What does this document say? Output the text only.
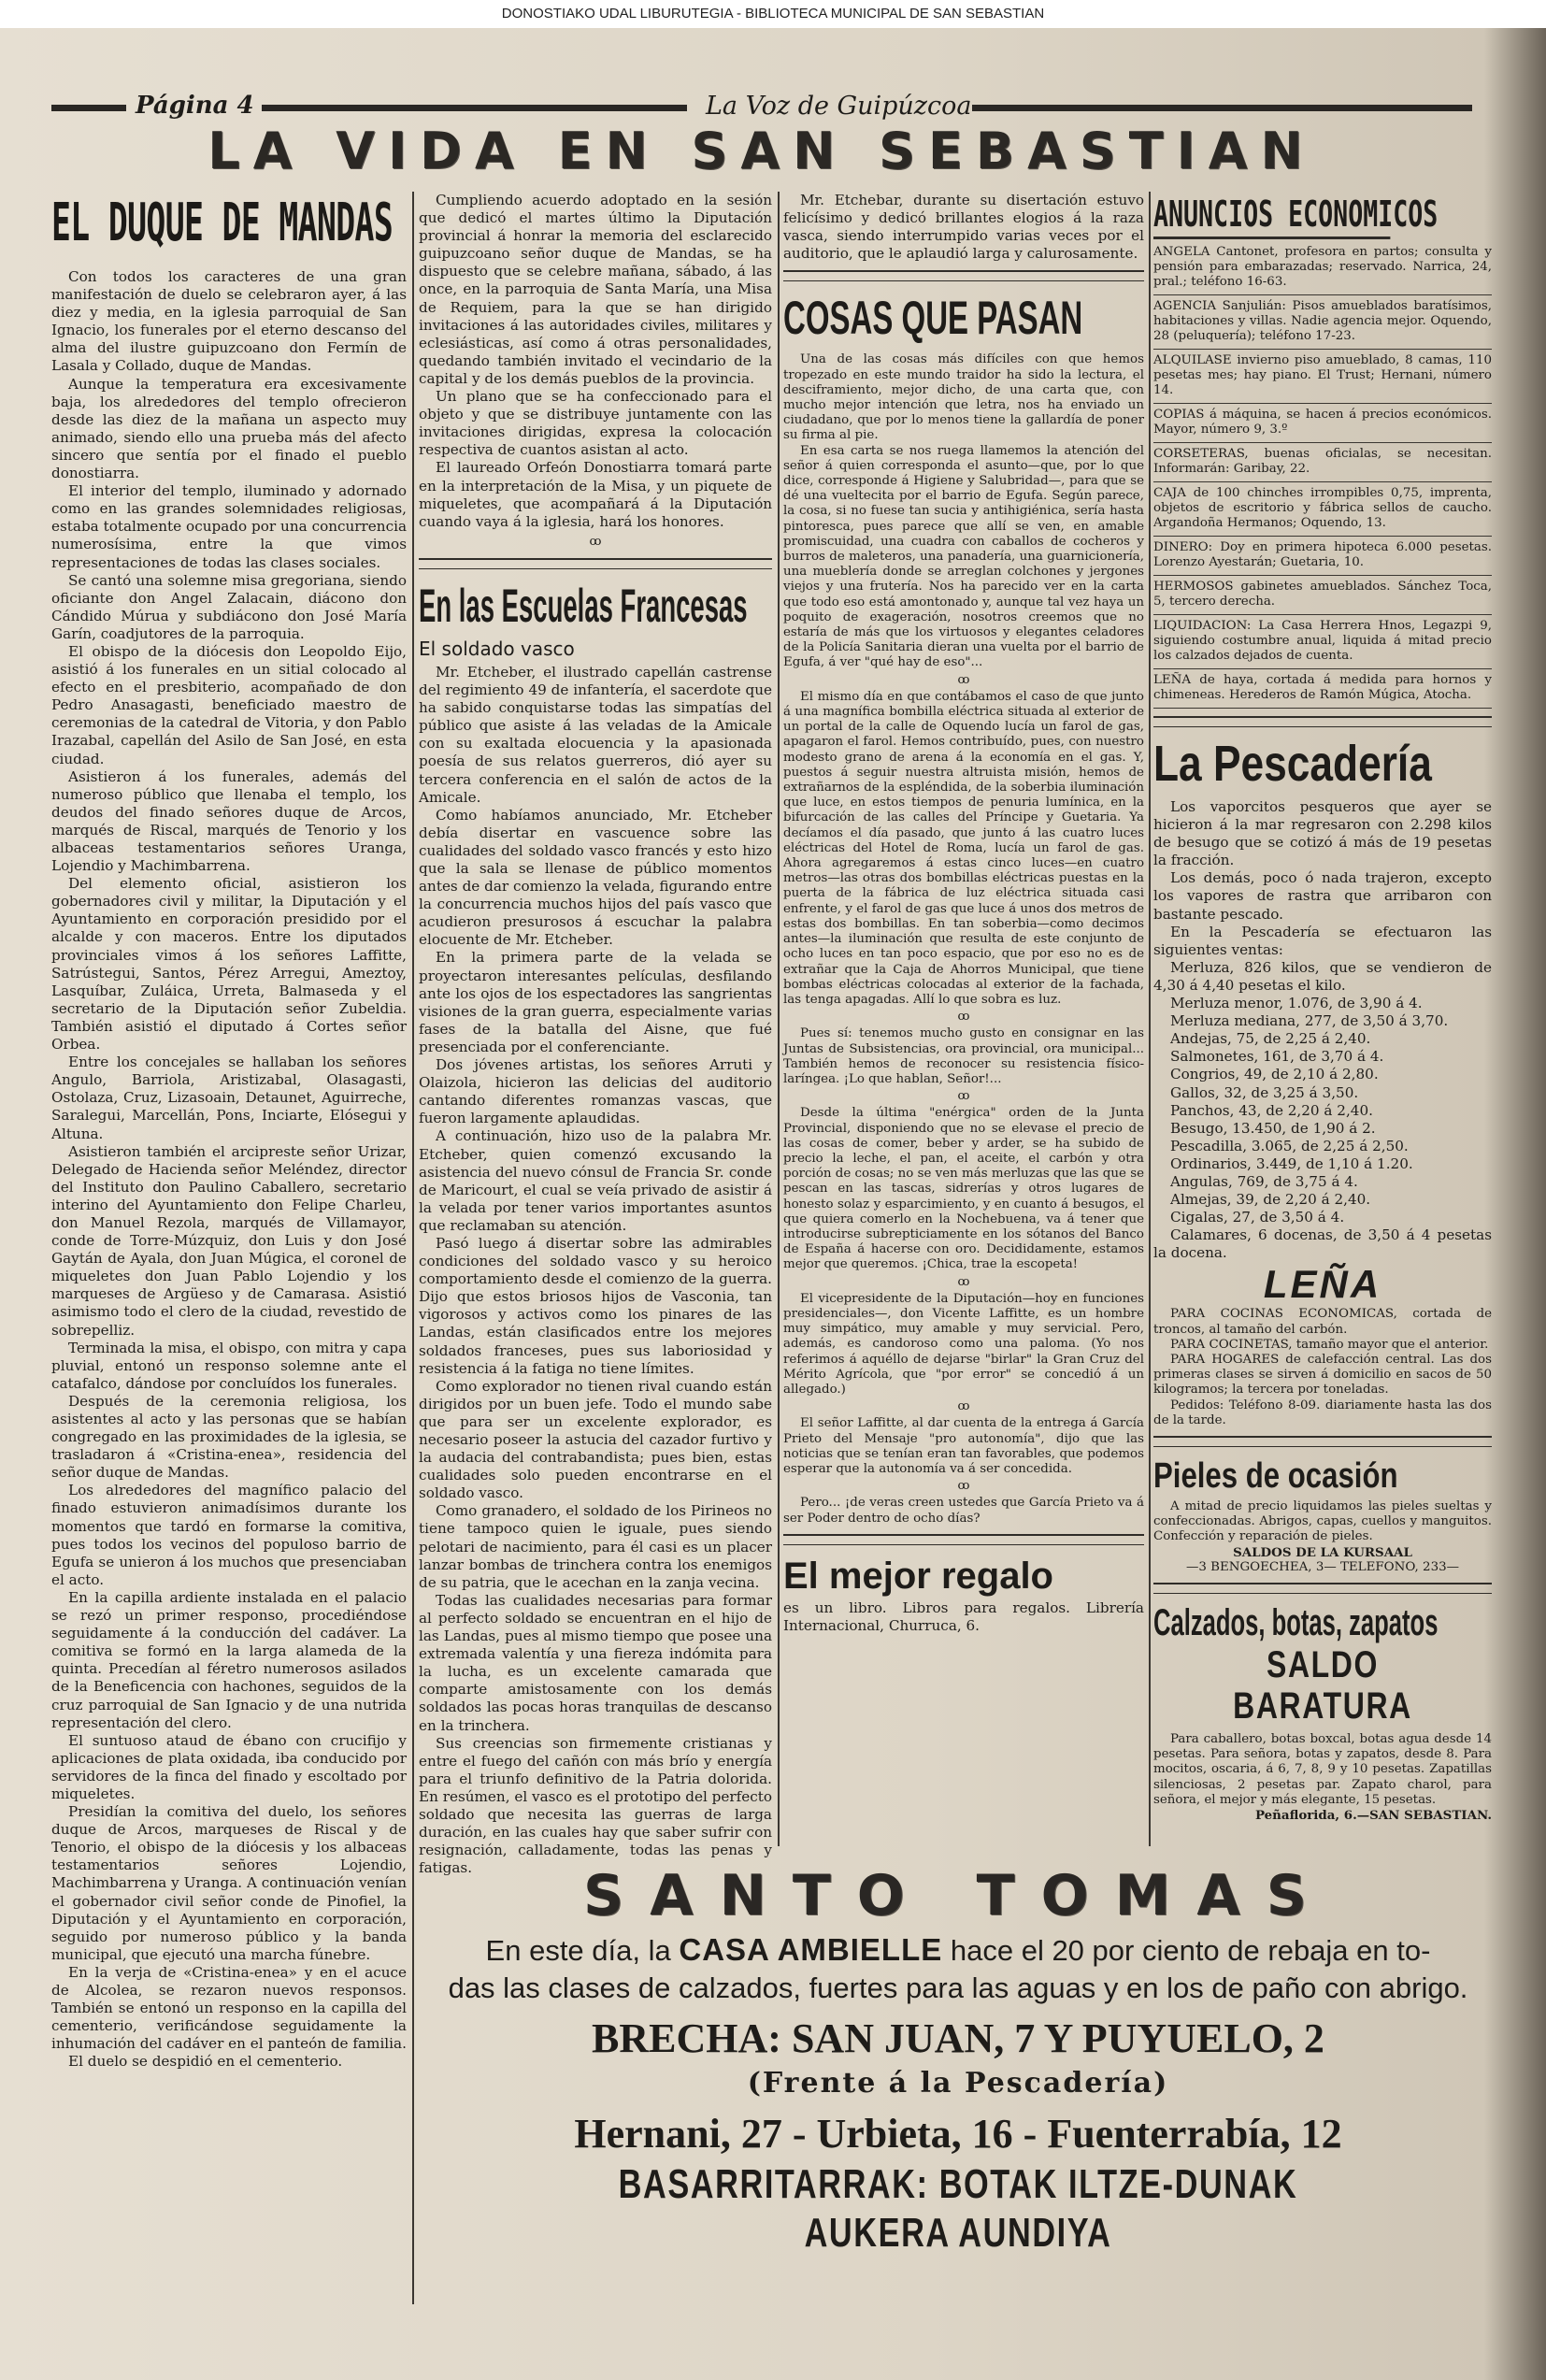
DONOSTIAKO UDAL LIBURUTEGIA - BIBLIOTECA MUNICIPAL DE SAN SEBASTIAN
Página 4	La Voz de Guipúzcoa
LA VIDA EN SAN SEBASTIAN
EL DUQUE DE MANDAS

Con todos los caracteres de una gran manifestación de duelo se celebraron ayer, á las diez y media, en la iglesia parroquial de San Ignacio, los funerales por el eterno descanso del alma del ilustre guipuzcoano don Fermín de Lasala y Collado, duque de Mandas.

Aunque la temperatura era excesivamente baja, los alrededores del templo ofrecieron desde las diez de la mañana un aspecto muy animado, siendo ello una prueba más del afecto sincero que sentía por el finado el pueblo donostiarra.

El interior del templo, iluminado y adornado como en las grandes solemnidades religiosas, estaba totalmente ocupado por una concurrencia numerosísima, entre la que vimos representaciones de todas las clases sociales.

Se cantó una solemne misa gregoriana, siendo oficiante don Angel Zalacain, diácono don Cándido Múrua y subdiácono don José María Garín, coadjutores de la parroquia.

El obispo de la diócesis don Leopoldo Eijo, asistió á los funerales en un sitial colocado al efecto en el presbiterio, acompañado de don Pedro Anasagasti, beneficiado maestro de ceremonias de la catedral de Vitoria, y don Pablo Irazabal, capellán del Asilo de San José, en esta ciudad.

Asistieron á los funerales, además del numeroso público que llenaba el templo, los deudos del finado señores duque de Arcos, marqués de Riscal, marqués de Tenorio y los albaceas testamentarios señores Uranga, Lojendio y Machimbarrena.

Del elemento oficial, asistieron los gobernadores civil y militar, la Diputación y el Ayuntamiento en corporación presidido por el alcalde y con maceros. Entre los diputados provinciales vimos á los señores Laffitte, Satrústegui, Santos, Pérez Arregui, Ameztoy, Lasquíbar, Zuláica, Urreta, Balmaseda y el secretario de la Diputación señor Zubeldia. También asistió el diputado á Cortes señor Orbea.

Entre los concejales se hallaban los señores Angulo, Barriola, Aristizabal, Olasagasti, Ostolaza, Cruz, Lizasoain, Detaunet, Aguirreche, Saralegui, Marcellán, Pons, Inciarte, Elósegui y Altuna.

Asistieron también el arcipreste señor Urizar, Delegado de Hacienda señor Meléndez, director del Instituto don Paulino Caballero, secretario interino del Ayuntamiento don Felipe Charleu, don Manuel Rezola, marqués de Villamayor, conde de Torre-Múzquiz, don Luis y don José Gaytán de Ayala, don Juan Múgica, el coronel de miqueletes don Juan Pablo Lojendio y los marqueses de Argüeso y de Camarasa. Asistió asimismo todo el clero de la ciudad, revestido de sobrepelliz.

Terminada la misa, el obispo, con mitra y capa pluvial, entonó un responso solemne ante el catafalco, dándose por concluídos los funerales.

Después de la ceremonia religiosa, los asistentes al acto y las personas que se habían congregado en las proximidades de la iglesia, se trasladaron á «Cristina-enea», residencia del señor duque de Mandas.

Los alrededores del magnífico palacio del finado estuvieron animadísimos durante los momentos que tardó en formarse la comitiva, pues todos los vecinos del populoso barrio de Egufa se unieron á los muchos que presenciaban el acto.

En la capilla ardiente instalada en el palacio se rezó un primer responso, procediéndose seguidamente á la conducción del cadáver. La comitiva se formó en la larga alameda de la quinta. Precedían al féretro numerosos asilados de la Beneficencia con hachones, seguidos de la cruz parroquial de San Ignacio y de una nutrida representación del clero.

El suntuoso ataud de ébano con crucifijo y aplicaciones de plata oxidada, iba conducido por servidores de la finca del finado y escoltado por miqueletes.

Presidían la comitiva del duelo, los señores duque de Arcos, marqueses de Riscal y de Tenorio, el obispo de la diócesis y los albaceas testamentarios señores Lojendio, Machimbarrena y Uranga. A continuación venían el gobernador civil señor conde de Pinofiel, la Diputación y el Ayuntamiento en corporación, seguido por numeroso público y la banda municipal, que ejecutó una marcha fúnebre.

En la verja de «Cristina-enea» y en el acuce de Alcolea, se rezaron nuevos responsos. También se entonó un responso en la capilla del cementerio, verificándose seguidamente la inhumación del cadáver en el panteón de familia.

El duelo se despidió en el cementerio.

Cumpliendo acuerdo adoptado en la sesión que dedicó el martes último la Diputación provincial á honrar la memoria del esclarecido guipuzcoano señor duque de Mandas, se ha dispuesto que se celebre mañana, sábado, á las once, en la parroquia de Santa María, una Misa de Requiem, para la que se han dirigido invitaciones á las autoridades civiles, militares y eclesiásticas, así como á otras personalidades, quedando también invitado el vecindario de la capital y de los demás pueblos de la provincia.

Un plano que se ha confeccionado para el objeto y que se distribuye juntamente con las invitaciones dirigidas, expresa la colocación respectiva de cuantos asistan al acto.

El laureado Orfeón Donostiarra tomará parte en la interpretación de la Misa, y un piquete de miqueletes, que acompañará á la Diputación cuando vaya á la iglesia, hará los honores.

ꝏ
En las Escuelas Francesas
El soldado vasco

Mr. Etcheber, el ilustrado capellán castrense del regimiento 49 de infantería, el sacerdote que ha sabido conquistarse todas las simpatías del público que asiste á las veladas de la Amicale con su exaltada elocuencia y la apasionada poesía de sus relatos guerreros, dió ayer su tercera conferencia en el salón de actos de la Amicale.

Como habíamos anunciado, Mr. Etcheber debía disertar en vascuence sobre las cualidades del soldado vasco francés y esto hizo que la sala se llenase de público momentos antes de dar comienzo la velada, figurando entre la concurrencia muchos hijos del país vasco que acudieron presurosos á escuchar la palabra elocuente de Mr. Etcheber.

En la primera parte de la velada se proyectaron interesantes películas, desfilando ante los ojos de los espectadores las sangrientas visiones de la gran guerra, especialmente varias fases de la batalla del Aisne, que fué presenciada por el conferenciante.

Dos jóvenes artistas, los señores Arruti y Olaizola, hicieron las delicias del auditorio cantando diferentes romanzas vascas, que fueron largamente aplaudidas.

A continuación, hizo uso de la palabra Mr. Etcheber, quien comenzó excusando la asistencia del nuevo cónsul de Francia Sr. conde de Maricourt, el cual se veía privado de asistir á la velada por tener varios importantes asuntos que reclamaban su atención.

Pasó luego á disertar sobre las admirables condiciones del soldado vasco y su heroico comportamiento desde el comienzo de la guerra. Dijo que estos briosos hijos de Vasconia, tan vigorosos y activos como los pinares de las Landas, están clasificados entre los mejores soldados franceses, pues sus laboriosidad y resistencia á la fatiga no tiene límites.

Como explorador no tienen rival cuando están dirigidos por un buen jefe. Todo el mundo sabe que para ser un excelente explorador, es necesario poseer la astucia del cazador furtivo y la audacia del contrabandista; pues bien, estas cualidades solo pueden encontrarse en el soldado vasco.

Como granadero, el soldado de los Pirineos no tiene tampoco quien le iguale, pues siendo pelotari de nacimiento, para él casi es un placer lanzar bombas de trinchera contra los enemigos de su patria, que le acechan en la zanja vecina.

Todas las cualidades necesarias para formar al perfecto soldado se encuentran en el hijo de las Landas, pues al mismo tiempo que posee una extremada valentía y una fiereza indómita para la lucha, es un excelente camarada que comparte amistosamente con los demás soldados las pocas horas tranquilas de descanso en la trinchera.

Sus creencias son firmemente cristianas y entre el fuego del cañón con más brío y energía para el triunfo definitivo de la Patria dolorida. En resúmen, el vasco es el prototipo del perfecto soldado que necesita las guerras de larga duración, en las cuales hay que saber sufrir con resignación, calladamente, todas las penas y fatigas.

Mr. Etchebar, durante su disertación estuvo felicísimo y dedicó brillantes elogios á la raza vasca, siendo interrumpido varias veces por el auditorio, que le aplaudió larga y calurosamente.

COSAS QUE PASAN

Una de las cosas más difíciles con que hemos tropezado en este mundo traidor ha sido la lectura, el desciframiento, mejor dicho, de una carta que, con mucho mejor intención que letra, nos ha enviado un ciudadano, que por lo menos tiene la gallardía de poner su firma al pie.

En esa carta se nos ruega llamemos la atención del señor á quien corresponda el asunto—que, por lo que dice, corresponde á Higiene y Salubridad—, para que se dé una vueltecita por el barrio de Egufa. Según parece, la cosa, si no fuese tan sucia y antihigiénica, sería hasta pintoresca, pues parece que allí se ven, en amable promiscuidad, una cuadra con caballos de cocheros y burros de maleteros, una panadería, una guarnicionería, una mueblería donde se arreglan colchones y jergones viejos y una frutería. Nos ha parecido ver en la carta que todo eso está amontonado y, aunque tal vez haya un poquito de exageración, nosotros creemos que no estaría de más que los virtuosos y elegantes celadores de la Policía Sanitaria dieran una vuelta por el barrio de Egufa, á ver "qué hay de eso"...

ꝏ

El mismo día en que contábamos el caso de que junto á una magnífica bombilla eléctrica situada al exterior de un portal de la calle de Oquendo lucía un farol de gas, apagaron el farol. Hemos contribuído, pues, con nuestro modesto grano de arena á la economía en el gas. Y, puestos á seguir nuestra altruista misión, hemos de extrañarnos de la espléndida, de la soberbia iluminación que luce, en estos tiempos de penuria lumínica, en la bifurcación de las calles del Príncipe y Guetaria. Ya decíamos el día pasado, que junto á las cuatro luces eléctricas del Hotel de Roma, lucía un farol de gas. Ahora agregaremos á estas cinco luces—en cuatro metros—las otras dos bombillas eléctricas puestas en la puerta de la fábrica de luz eléctrica situada casi enfrente, y el farol de gas que luce á unos dos metros de estas dos bombillas. En tan soberbia—como decimos antes—la iluminación que resulta de este conjunto de ocho luces en tan poco espacio, que por eso no es de extrañar que la Caja de Ahorros Municipal, que tiene bombas eléctricas colocadas al exterior de la fachada, las tenga apagadas. Allí lo que sobra es luz.

ꝏ

Pues sí: tenemos mucho gusto en consignar en las Juntas de Subsistencias, ora provincial, ora municipal... También hemos de reconocer su resistencia físico-laríngea. ¡Lo que hablan, Señor!...

ꝏ

Desde la última "enérgica" orden de la Junta Provincial, disponiendo que no se elevase el precio de las cosas de comer, beber y arder, se ha subido de precio la leche, el pan, el aceite, el carbón y otra porción de cosas; no se ven más merluzas que las que se pescan en las tascas, sidrerías y otros lugares de honesto solaz y esparcimiento, y en cuanto á besugos, el que quiera comerlo en la Nochebuena, va á tener que introducirse subrepticiamente en los sótanos del Banco de España á hacerse con oro. Decididamente, estamos mejor que queremos. ¡Chica, trae la escopeta!

ꝏ

El vicepresidente de la Diputación—hoy en funciones presidenciales—, don Vicente Laffitte, es un hombre muy simpático, muy amable y muy servicial. Pero, además, es candoroso como una paloma. (Yo nos referimos á aquéllo de dejarse "birlar" la Gran Cruz del Mérito Agrícola, que "por error" se concedió á un allegado.)

ꝏ

El señor Laffitte, al dar cuenta de la entrega á García Prieto del Mensaje "pro autonomía", dijo que las noticias que se tenían eran tan favorables, que podemos esperar que la autonomía va á ser concedida.

ꝏ

Pero... ¡de veras creen ustedes que García Prieto va á ser Poder dentro de ocho días?

El mejor regalo

es un libro. Libros para regalos. Librería Internacional, Churruca, 6.

ANUNCIOS ECONOMICOS
ANGELA Cantonet, profesora en partos; consulta y pensión para embarazadas; reservado. Narrica, 24, pral.; teléfono 16-63.
AGENCIA Sanjulián: Pisos amueblados baratísimos, habitaciones y villas. Nadie agencia mejor. Oquendo, 28 (peluquería); teléfono 17-23.
ALQUILASE invierno piso amueblado, 8 camas, 110 pesetas mes; hay piano. El Trust; Hernani, número 14.
COPIAS á máquina, se hacen á precios económicos. Mayor, número 9, 3.º
CORSETERAS, buenas oficialas, se necesitan. Informarán: Garibay, 22.
CAJA de 100 chinches irrompibles 0,75, imprenta, objetos de escritorio y fábrica sellos de caucho. Argandoña Hermanos; Oquendo, 13.
DINERO: Doy en primera hipoteca 6.000 pesetas. Lorenzo Ayestarán; Guetaria, 10.
HERMOSOS gabinetes amueblados. Sánchez Toca, 5, tercero derecha.
LIQUIDACION: La Casa Herrera Hnos, Legazpi 9, siguiendo costumbre anual, liquida á mitad precio los calzados dejados de cuenta.
LEÑA de haya, cortada á medida para hornos y chimeneas. Herederos de Ramón Múgica, Atocha.
La Pescadería

Los vaporcitos pesqueros que ayer se hicieron á la mar regresaron con 2.298 kilos de besugo que se cotizó á más de 19 pesetas la fracción.

Los demás, poco ó nada trajeron, excepto los vapores de rastra que arribaron con bastante pescado.

En la Pescadería se efectuaron las siguientes ventas:

Merluza, 826 kilos, que se vendieron de 4,30 á 4,40 pesetas el kilo.

Merluza menor, 1.076, de 3,90 á 4.

Merluza mediana, 277, de 3,50 á 3,70.

Andejas, 75, de 2,25 á 2,40.

Salmonetes, 161, de 3,70 á 4.

Congrios, 49, de 2,10 á 2,80.

Gallos, 32, de 3,25 á 3,50.

Panchos, 43, de 2,20 á 2,40.

Besugo, 13.450, de 1,90 á 2.

Pescadilla, 3.065, de 2,25 á 2,50.

Ordinarios, 3.449, de 1,10 á 1.20.

Angulas, 769, de 3,75 á 4.

Almejas, 39, de 2,20 á 2,40.

Cigalas, 27, de 3,50 á 4.

Calamares, 6 docenas, de 3,50 á 4 pesetas la docena.

LEÑA

PARA COCINAS ECONOMICAS, cortada de troncos, al tamaño del carbón.

PARA COCINETAS, tamaño mayor que el anterior.

PARA HOGARES de calefacción central. Las dos primeras clases se sirven á domicilio en sacos de 50 kilogramos; la tercera por toneladas.

Pedidos: Teléfono 8-09. diariamente hasta las dos de la tarde.

Pieles de ocasión

A mitad de precio liquidamos las pieles sueltas y confeccionadas. Abrigos, capas, cuellos y manguitos. Confección y reparación de pieles.

SALDOS DE LA KURSAAL
—3 BENGOECHEA, 3— TELEFONO, 233—
Calzados, botas, zapatos
SALDO BARATURA

Para caballero, botas boxcal, botas agua desde 14 pesetas. Para señora, botas y zapatos, desde 8. Para mocitos, oscaria, á 6, 7, 8, 9 y 10 pesetas. Zapatillas silenciosas, 2 pesetas par. Zapato charol, para señora, el mejor y más elegante, 15 pesetas.

Peñaflorida, 6.—SAN SEBASTIAN.
SANTO TOMAS
En este día, la CASA AMBIELLE hace el 20 por ciento de rebaja en to-
das las clases de calzados, fuertes para las aguas y en los de paño con abrigo.
BRECHA: SAN JUAN, 7 Y PUYUELO, 2
(Frente á la Pescadería)
Hernani, 27 - Urbieta, 16 - Fuenterrabía, 12
BASARRITARRAK: BOTAK ILTZE-DUNAK AUKERA AUNDIYA
